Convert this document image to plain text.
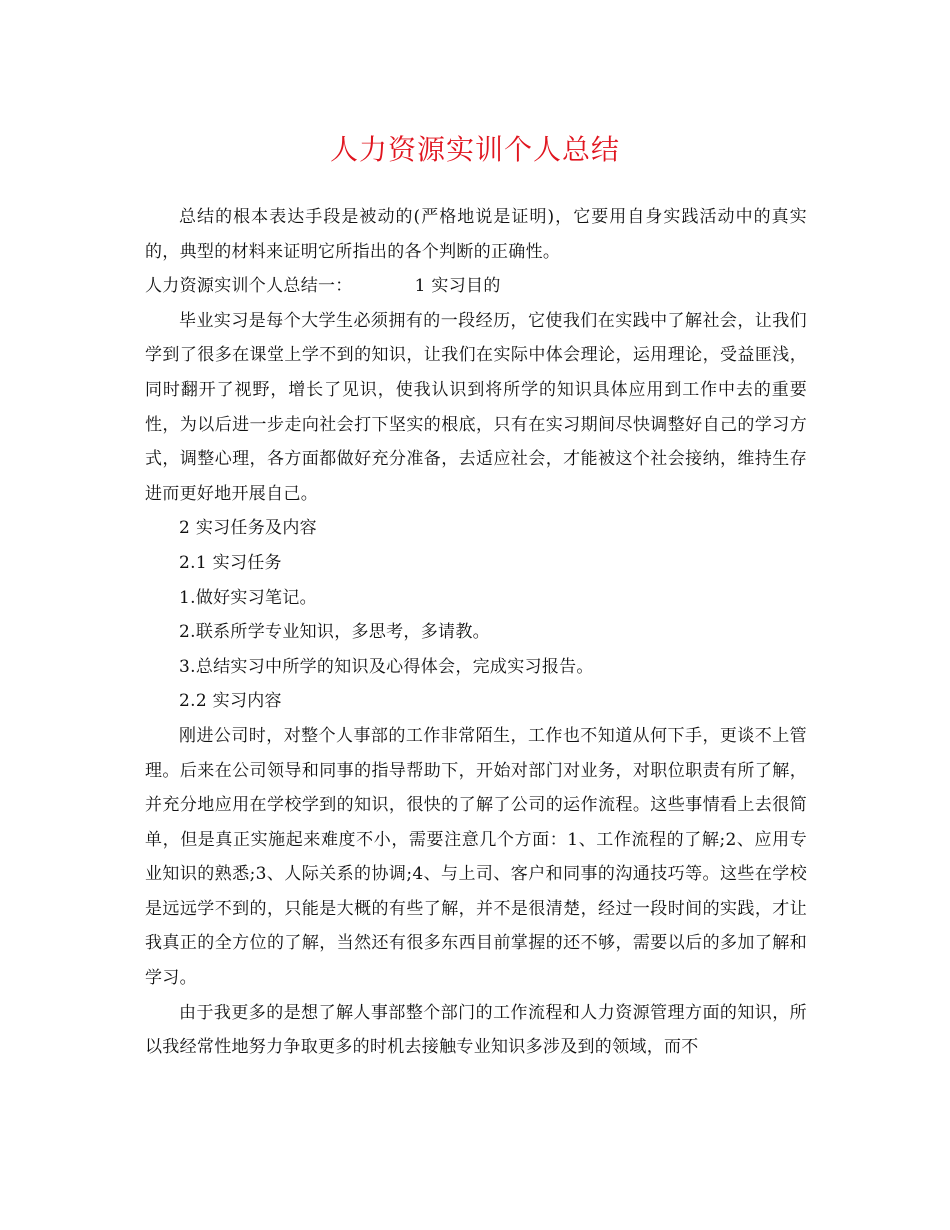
人力资源实训个人总结

总结的根本表达手段是被动的(严格地说是证明)，它要用自身实践活动中的真实的，典型的材料来证明它所指出的各个判断的正确性。

人力资源实训个人总结一：	1 实习目的

毕业实习是每个大学生必须拥有的一段经历，它使我们在实践中了解社会，让我们学到了很多在课堂上学不到的知识，让我们在实际中体会理论，运用理论，受益匪浅，同时翻开了视野，增长了见识，使我认识到将所学的知识具体应用到工作中去的重要性，为以后进一步走向社会打下坚实的根底，只有在实习期间尽快调整好自己的学习方式，调整心理，各方面都做好充分准备，去适应社会，才能被这个社会接纳，维持生存进而更好地开展自己。

2 实习任务及内容

2.1 实习任务

1.做好实习笔记。

2.联系所学专业知识，多思考，多请教。

3.总结实习中所学的知识及心得体会，完成实习报告。

2.2 实习内容

刚进公司时，对整个人事部的工作非常陌生，工作也不知道从何下手，更谈不上管理。后来在公司领导和同事的指导帮助下，开始对部门对业务，对职位职责有所了解，并充分地应用在学校学到的知识，很快的了解了公司的运作流程。这些事情看上去很简单，但是真正实施起来难度不小，需要注意几个方面：1、工作流程的了解;2、应用专业知识的熟悉;3、人际关系的协调;4、与上司、客户和同事的沟通技巧等。这些在学校是远远学不到的，只能是大概的有些了解，并不是很清楚，经过一段时间的实践，才让我真正的全方位的了解，当然还有很多东西目前掌握的还不够，需要以后的多加了解和学习。

由于我更多的是想了解人事部整个部门的工作流程和人力资源管理方面的知识，所以我经常性地努力争取更多的时机去接触专业知识多涉及到的领域，而不
